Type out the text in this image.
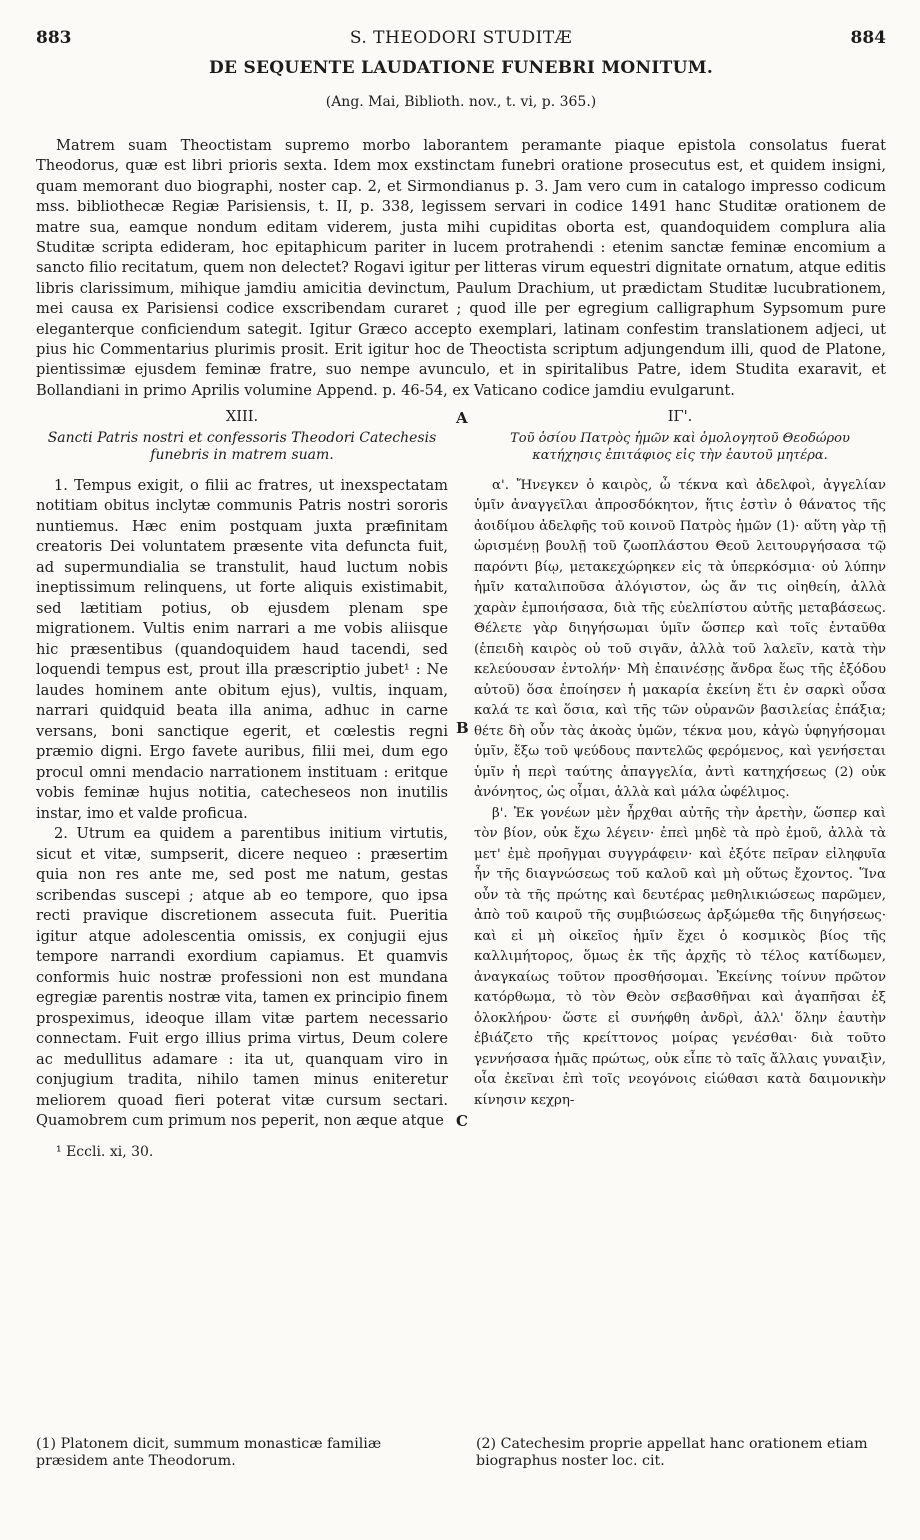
883	S. THEODORI STUDITÆ	884
DE SEQUENTE LAUDATIONE FUNEBRI MONITUM.
(Ang. Mai, Biblioth. nov., t. vi, p. 365.)
Matrem suam Theoctistam supremo morbo laborantem peramante piaque epistola consolatus fuerat Theodorus, quæ est libri prioris sexta. Idem mox exstinctam funebri oratione prosecutus est, et quidem insigni, quam memorant duo biographi, noster cap. 2, et Sirmondianus p. 3. Jam vero cum in catalogo impresso codicum mss. bibliothecæ Regiæ Parisiensis, t. II, p. 338, legissem servari in codice 1491 hanc Studitæ orationem de matre sua, eamque nondum editam viderem, justa mihi cupiditas oborta est, quandoquidem complura alia Studitæ scripta edideram, hoc epitaphicum pariter in lucem protrahendi : etenim sanctæ feminæ encomium a sancto filio recitatum, quem non delectet? Rogavi igitur per litteras virum equestri dignitate ornatum, atque editis libris clarissimum, mihique jamdiu amicitia devinctum, Paulum Drachium, ut prædictam Studitæ lucubrationem, mei causa ex Parisiensi codice exscribendam curaret ; quod ille per egregium calligraphum Sypsomum pure eleganterque conficiendum sategit. Igitur Græco accepto exemplari, latinam confestim translationem adjeci, ut pius hic Commentarius plurimis prosit. Erit igitur hoc de Theoctista scriptum adjungendum illi, quod de Platone, pientissimæ ejusdem feminæ fratre, suo nempe avunculo, et in spiritalibus Patre, idem Studita exaravit, et Bollandiani in primo Aprilis volumine Append. p. 46-54, ex Vaticano codice jamdiu evulgarunt.
XIII.
Sancti Patris nostri et confessoris Theodori Catechesis funebris in matrem suam.

1. Tempus exigit, o filii ac fratres, ut inexspectatam notitiam obitus inclytæ communis Patris nostri sororis nuntiemus. Hæc enim postquam juxta præfinitam creatoris Dei voluntatem præsente vita defuncta fuit, ad supermundialia se transtulit, haud luctum nobis ineptissimum relinquens, ut forte aliquis existimabit, sed lætitiam potius, ob ejusdem plenam spe migrationem. Vultis enim narrari a me vobis aliisque hic præsentibus (quandoquidem haud tacendi, sed loquendi tempus est, prout illa præscriptio jubet¹ : Ne laudes hominem ante obitum ejus), vultis, inquam, narrari quidquid beata illa anima, adhuc in carne versans, boni sanctique egerit, et cœlestis regni præmio digni. Ergo favete auribus, filii mei, dum ego procul omni mendacio narrationem instituam : eritque vobis feminæ hujus notitia, catecheseos non inutilis instar, imo et valde proficua.

2. Utrum ea quidem a parentibus initium virtutis, sicut et vitæ, sumpserit, dicere nequeo : præsertim quia non res ante me, sed post me natum, gestas scribendas suscepi ; atque ab eo tempore, quo ipsa recti pravique discretionem assecuta fuit. Pueritia igitur atque adolescentia omissis, ex conjugii ejus tempore narrandi exordium capiamus. Et quamvis conformis huic nostræ professioni non est mundana egregiæ parentis nostræ vita, tamen ex principio finem prospeximus, ideoque illam vitæ partem necessario connectam. Fuit ergo illius prima virtus, Deum colere ac medullitus adamare : ita ut, quanquam viro in conjugium tradita, nihilo tamen minus eniteretur meliorem quoad fieri poterat vitæ cursum sectari. Quamobrem cum primum nos peperit, non æque atque

¹ Eccli. xi, 30.
A
B
C
ΙΓ'.
Τοῦ ὁσίου Πατρὸς ἡμῶν καὶ ὁμολογητοῦ Θεοδώρου κατήχησις ἐπιτάφιος εἰς τὴν ἑαυτοῦ μητέρα.

α'. Ἤνεγκεν ὁ καιρὸς, ὦ τέκνα καὶ ἀδελφοὶ, ἀγγελίαν ὑμῖν ἀναγγεῖλαι ἀπροσδόκητον, ἥτις ἐστὶν ὁ θάνατος τῆς ἀοιδίμου ἀδελφῆς τοῦ κοινοῦ Πατρὸς ἡμῶν (1)· αὕτη γὰρ τῇ ὡρισμένῃ βουλῇ τοῦ ζωοπλάστου Θεοῦ λειτουργήσασα τῷ παρόντι βίῳ, μετακεχώρηκεν εἰς τὰ ὑπερκόσμια· οὐ λύπην ἡμῖν καταλιποῦσα ἀλόγιστον, ὡς ἄν τις οἰηθείη, ἀλλὰ χαρὰν ἐμποιήσασα, διὰ τῆς εὐελπίστου αὐτῆς μεταβάσεως. Θέλετε γὰρ διηγήσωμαι ὑμῖν ὥσπερ καὶ τοῖς ἐνταῦθα (ἐπειδὴ καιρὸς οὐ τοῦ σιγᾶν, ἀλλὰ τοῦ λαλεῖν, κατὰ τὴν κελεύουσαν ἐντολήν· Μὴ ἐπαινέσῃς ἄνδρα ἕως τῆς ἐξόδου αὐτοῦ) ὅσα ἐποίησεν ἡ μακαρία ἐκείνη ἔτι ἐν σαρκὶ οὖσα καλά τε καὶ ὅσια, καὶ τῆς τῶν οὐρανῶν βασιλείας ἐπάξια; θέτε δὴ οὖν τὰς ἀκοὰς ὑμῶν, τέκνα μου, κἀγὼ ὑφηγήσομαι ὑμῖν, ἔξω τοῦ ψεύδους παντελῶς φερόμενος, καὶ γενήσεται ὑμῖν ἡ περὶ ταύτης ἀπαγγελία, ἀντὶ κατηχήσεως (2) οὐκ ἀνόνητος, ὡς οἶμαι, ἀλλὰ καὶ μάλα ὠφέλιμος.

β'. Ἐκ γονέων μὲν ἦρχθαι αὐτῆς τὴν ἀρετὴν, ὥσπερ καὶ τὸν βίον, οὐκ ἔχω λέγειν· ἐπεὶ μηδὲ τὰ πρὸ ἐμοῦ, ἀλλὰ τὰ μετ' ἐμὲ προῆγμαι συγγράφειν· καὶ ἐξότε πεῖραν εἰληφυῖα ἦν τῆς διαγνώσεως τοῦ καλοῦ καὶ μὴ οὕτως ἔχοντος. Ἵνα οὖν τὰ τῆς πρώτης καὶ δευτέρας μεθηλικιώσεως παρῶμεν, ἀπὸ τοῦ καιροῦ τῆς συμβιώσεως ἀρξώμεθα τῆς διηγήσεως· καὶ εἰ μὴ οἰκεῖος ἡμῖν ἔχει ὁ κοσμικὸς βίος τῆς καλλιμήτορος, ὅμως ἐκ τῆς ἀρχῆς τὸ τέλος κατίδωμεν, ἀναγκαίως τοῦτον προσθήσομαι. Ἐκείνης τοίνυν πρῶτον κατόρθωμα, τὸ τὸν Θεὸν σεβασθῆναι καὶ ἀγαπῆσαι ἐξ ὁλοκλήρου· ὥστε εἰ συνήφθη ἀνδρὶ, ἀλλ' ὅλην ἑαυτὴν ἐβιάζετο τῆς κρείττονος μοίρας γενέσθαι· διὰ τοῦτο γεννήσασα ἡμᾶς πρώτως, οὐκ εἶπε τὸ ταῖς ἄλλαις γυναιξὶν, οἷα ἐκεῖναι ἐπὶ τοῖς νεογόνοις εἰώθασι κατὰ δαιμονικὴν κίνησιν κεχρη-

(1) Platonem dicit, summum monasticæ familiæ præsidem ante Theodorum.
(2) Catechesim proprie appellat hanc orationem etiam biographus noster loc. cit.
